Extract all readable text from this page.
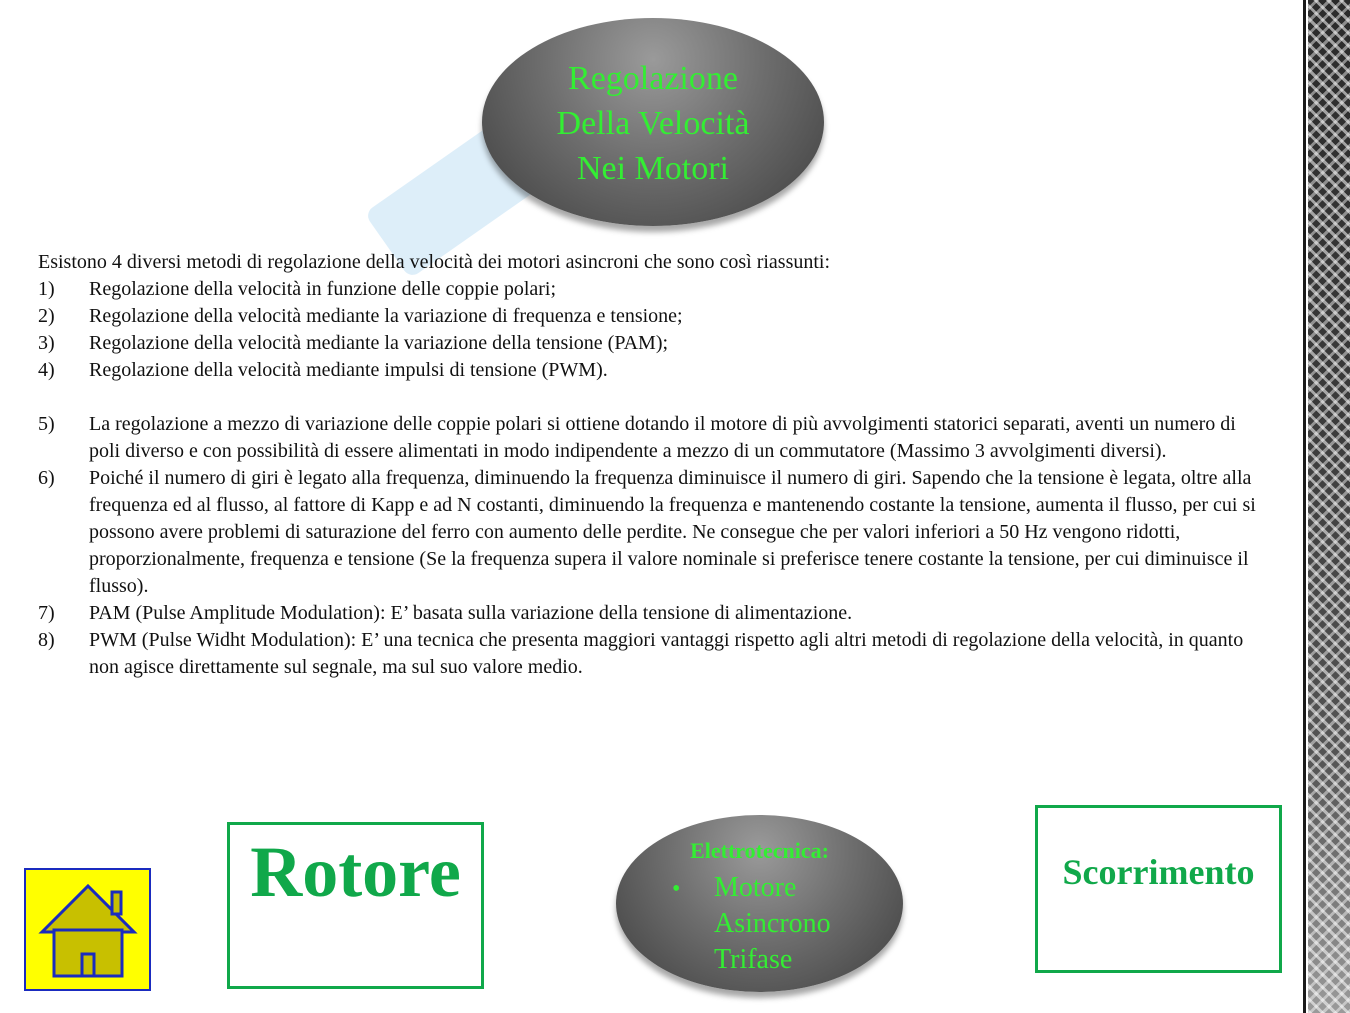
Regolazione
Della Velocità
Nei Motori

Esistono 4 diversi metodi di regolazione della velocità dei motori asincroni che sono così riassunti:

1)	Regolazione della velocità in funzione delle coppie polari;
2)	Regolazione della velocità mediante la variazione di frequenza e tensione;
3)	Regolazione della velocità mediante la variazione della tensione (PAM);
4)	Regolazione della velocità mediante impulsi di tensione (PWM).
5)	La regolazione a mezzo di variazione delle coppie polari si ottiene dotando il motore di più avvolgimenti statorici separati, aventi un numero di poli diverso e con possibilità di essere alimentati in modo indipendente a mezzo di un commutatore (Massimo 3 avvolgimenti diversi).
6)	Poiché il numero di giri è legato alla frequenza, diminuendo la frequenza diminuisce il numero di giri. Sapendo che la tensione è legata, oltre alla frequenza ed al flusso, al fattore di Kapp e ad N costanti, diminuendo la frequenza e mantenendo costante la tensione, aumenta il flusso, per cui si possono avere problemi di saturazione del ferro con aumento delle perdite. Ne consegue che per valori inferiori a 50 Hz vengono ridotti, proporzionalmente, frequenza e tensione (Se la frequenza supera il valore nominale si preferisce tenere costante la tensione, per cui diminuisce il flusso).
7)	PAM (Pulse Amplitude Modulation): E’ basata sulla variazione della tensione di alimentazione.
8)	PWM (Pulse Widht Modulation): E’ una tecnica che presenta maggiori vantaggi rispetto agli altri metodi di regolazione della velocità, in quanto non agisce direttamente sul segnale, ma sul suo valore medio.
Rotore	Elettrotecnica:
• Motore
Asincrono
Trifase
Scorrimento
